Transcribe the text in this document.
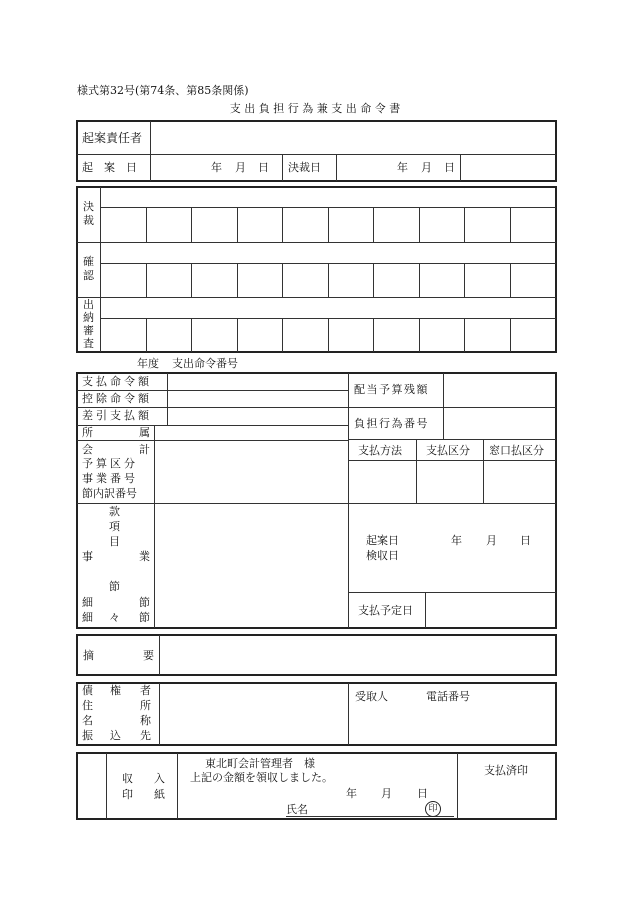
様式第32号(第74条、第85条関係)
支 出 負 担 行 為 兼 支 出 命 令 書
起案責任者
起　案　日	年 月 日 決裁日	年 月 日
決裁
確認
出納審査
年度 支出命令番号
支払命令額
控除命令額
差引支払額
所	属
会	計
予算区分
事業番号
節内訳番号
配当予算残額
負担行為番号
支払方法 支払区分 窓口払区分
款
項
目
事	業
節
細	節
細 々 節
起案日	年 月 日
検収日
支払予定日
摘	要
債 権 者
住	所
名	称
振 込 先
受取人	電話番号
収 入
印 紙
東北町会計管理者　様
上記の金額を領収しました。
年 月 日
氏名	印
支払済印
